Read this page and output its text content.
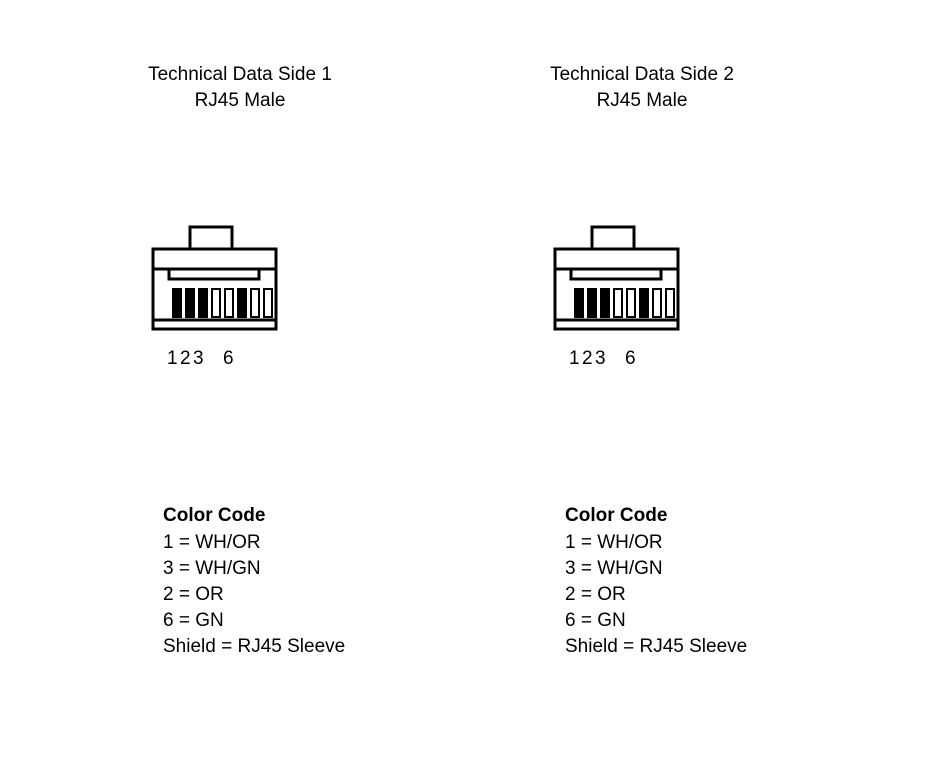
Technical Data Side 1
RJ45 Male
1 2 3 6
Color Code
1 = WH/OR
3 = WH/GN
2 = OR
6 = GN
Shield = RJ45 Sleeve
Technical Data Side 2
RJ45 Male
1 2 3 6
Color Code
1 = WH/OR
3 = WH/GN
2 = OR
6 = GN
Shield = RJ45 Sleeve
